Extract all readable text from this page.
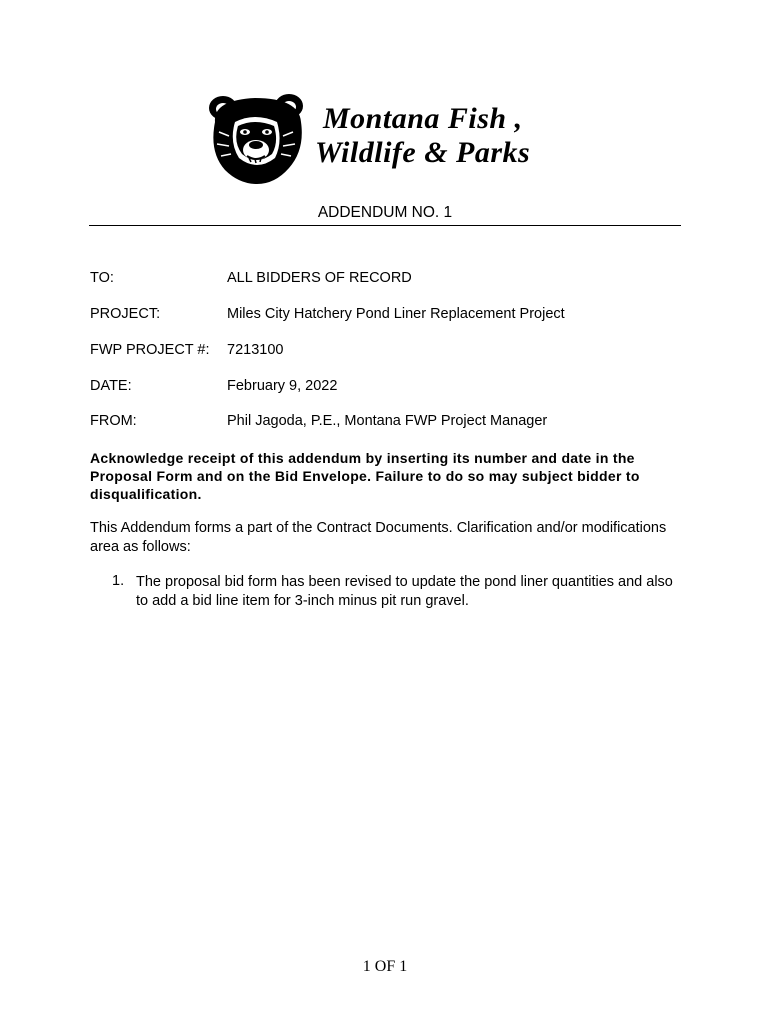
Montana Fish ,
Wildlife & Parks
ADDENDUM NO. 1
TO:	ALL BIDDERS OF RECORD
PROJECT:	Miles City Hatchery Pond Liner Replacement Project
FWP PROJECT #: 7213100
DATE:	February 9, 2022
FROM:	Phil Jagoda, P.E., Montana FWP Project Manager
Acknowledge receipt of this addendum by inserting its number and date in the Proposal Form and on the Bid Envelope. Failure to do so may subject bidder to disqualification.
This Addendum forms a part of the Contract Documents. Clarification and/or modifications area as follows:
1. The proposal bid form has been revised to update the pond liner quantities and also to add a bid line item for 3-inch minus pit run gravel.
1 OF 1
